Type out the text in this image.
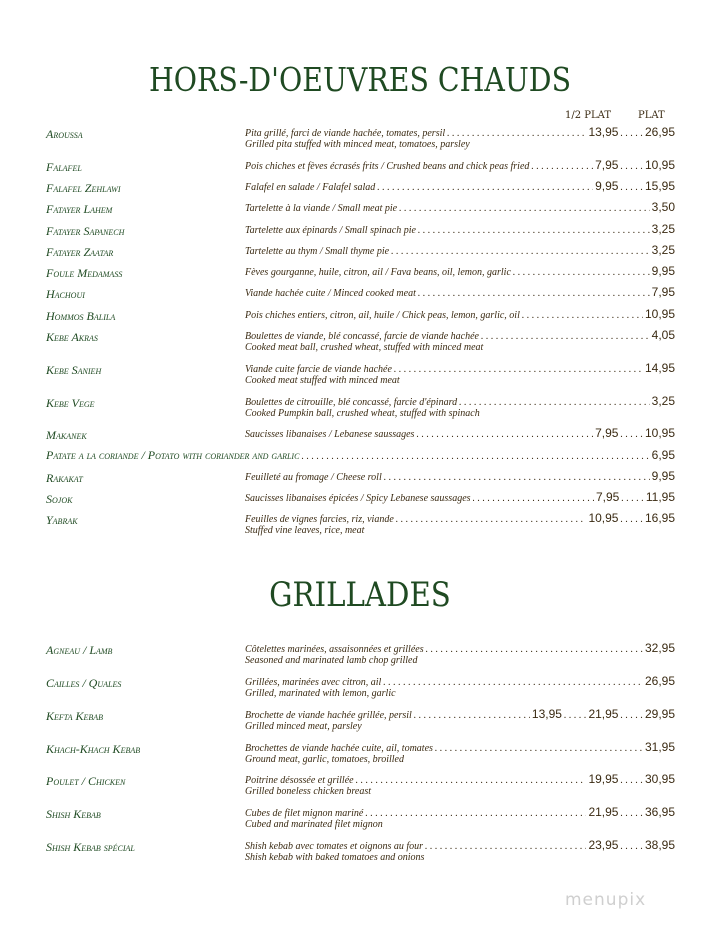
HORS-D'OEUVRES CHAUDS
1/2 PLAT	PLAT
Aroussa	Pita grillé, farci de viande hachée, tomates, persil . . .	13,95 . . . . . 26,95
Grilled pita stuffed with minced meat, tomatoes, parsley
Falafel	Pois chiches et fèves écrasés frits / Crushed beans and chick peas fried . . .	7,95 . . . . . 10,95
Falafel Zehlawi	Falafel en salade / Falafel salad . . .	9,95 . . . . . 15,95
Fatayer Lahem	Tartelette à la viande / Small meat pie . . .	3,50
Fatayer Sapanech	Tartelette aux épinards / Small spinach pie . . .	3,25
Fatayer Zaatar	Tartelette au thym / Small thyme pie . . .	3,25
Foule Medamass	Fèves gourganne, huile, citron, ail / Fava beans, oil, lemon, garlic . . .	9,95
Hachoui	Viande hachée cuite / Minced cooked meat . . .	7,95
Hommos Balila	Pois chiches entiers, citron, ail, huile / Chick peas, lemon, garlic, oil . . .	10,95
Kebe Akras	Boulettes de viande, blé concassé, farcie de viande hachée . . .	4,05
Cooked meat ball, crushed wheat, stuffed with minced meat
Kebe Sanieh	Viande cuite farcie de viande hachée . . .	14,95
Cooked meat stuffed with minced meat
Kebe Vege	Boulettes de citrouille, blé concassé, farcie d'épinard . . .	3,25
Cooked Pumpkin ball, crushed wheat, stuffed with spinach
Makanek	Saucisses libanaises / Lebanese saussages . . .	7,95 . . . . . 10,95
Patate a la coriande / Potato with coriander and garlic . . .	6,95
Rakakat	Feuilleté au fromage / Cheese roll . . .	9,95
Sojok	Saucisses libanaises épicées / Spicy Lebanese saussages . . .	7,95 . . . . . 11,95
Yabrak	Feuilles de vignes farcies, riz, viande . . .	10,95 . . . . . 16,95
Stuffed vine leaves, rice, meat
GRILLADES
Agneau / Lamb	Côtelettes marinées, assaisonnées et grillées . . .	32,95
Seasoned and marinated lamb chop grilled
Cailles / Quales	Grillées, marinées avec citron, ail . . .	26,95
Grilled, marinated with lemon, garlic
Kefta Kebab	Brochette de viande hachée grillée, persil . . .	13,95 . . . . . 21,95 . . . . . 29,95
Grilled minced meat, parsley
Khach-Khach Kebab	Brochettes de viande hachée cuite, ail, tomates . . .	31,95
Ground meat, garlic, tomatoes, broilled
Poulet / Chicken	Poitrine désossée et grillée . . .	19,95 . . . . . 30,95
Grilled boneless chicken breast
Shish Kebab	Cubes de filet mignon mariné . . .	21,95 . . . . . 36,95
Cubed and marinated filet mignon
Shish Kebab spécial	Shish kebab avec tomates et oignons au four . . .	23,95 . . . . . 38,95
Shish kebab with baked tomatoes and onions
menupix
